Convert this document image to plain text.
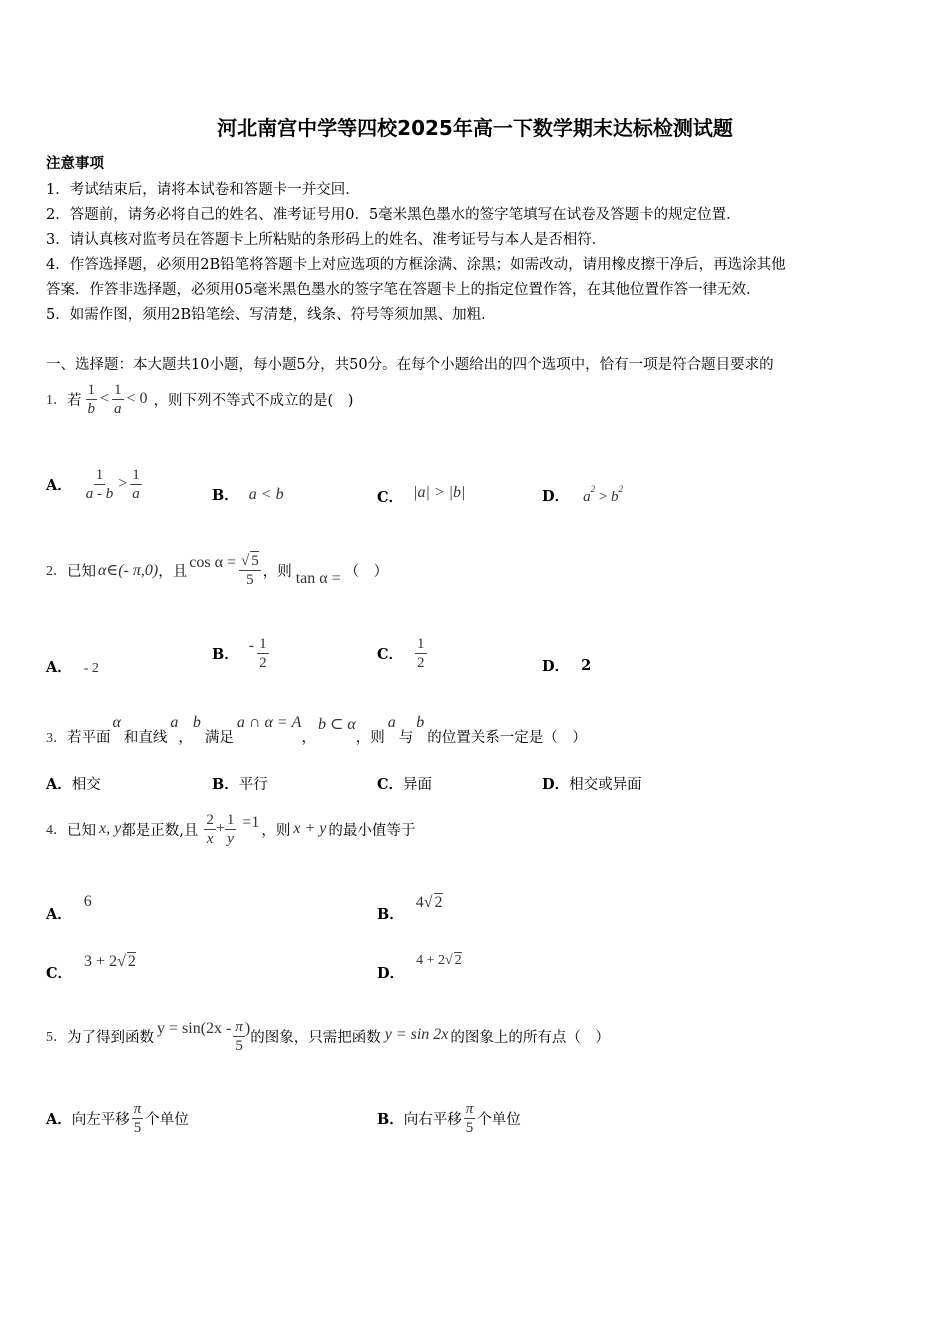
河北南宫中学等四校2025年高一下数学期末达标检测试题
注意事项
1．考试结束后，请将本试卷和答题卡一并交回．
2．答题前，请务必将自己的姓名、准考证号用0．5毫米黑色墨水的签字笔填写在试卷及答题卡的规定位置．
3．请认真核对监考员在答题卡上所粘贴的条形码上的姓名、准考证号与本人是否相符．
4．作答选择题，必须用2B铅笔将答题卡上对应选项的方框涂满、涂黑；如需改动，请用橡皮擦干净后，再选涂其他
答案．作答非选择题，必须用05毫米黑色墨水的签字笔在答题卡上的指定位置作答，在其他位置作答一律无效．
5．如需作图，须用2B铅笔绘、写清楚，线条、符号等须加黑、加粗．
一、选择题：本大题共10小题，每小题5分，共50分。在每个小题给出的四个选项中，恰有一项是符合题目要求的
1． 若 $\frac{1}{b} < \frac{1}{a} < 0$ ，则下列不等式不成立的是(　)
A． $\frac{1}{a - b} > \frac{1}{a}$	B． a < b	C． |a| > |b|	D． $a^2 > b^2$
2． 已知 α∈(- π,0) ，且
$\cos \alpha = \frac{√ 5}{5}$ ，则 tan α = （　）
A． - 2
B． - $\frac{1}{2}$	C． $\frac{1}{2}$	D． 2
3． 若平面
α
和直线
a
，
b
满足
a ∩ α = A
，
b ⊂ α
，则
a
与
b
的位置关系一定是（　）
A．相交	B．平行	C．异面	D．相交或异面
4． 已知 x, y 都是正数,且 $\frac{2}{x} + \frac{1}{y} =1$ ，则 x + y 的最小值等于
A．
6
B．
4√ 2
C．
3 + 2√ 2
D．
4 + 2√ 2
5． 为了得到函数
$y = \sin(2x - \frac{\pi}{5}$ )
的图象，只需把函数 y = sin 2x 的图象上的所有点（　）
A． 向左平移 $\frac{\pi}{5}$ 个单位	B． 向右平移 $\frac{\pi}{5}$ 个单位
